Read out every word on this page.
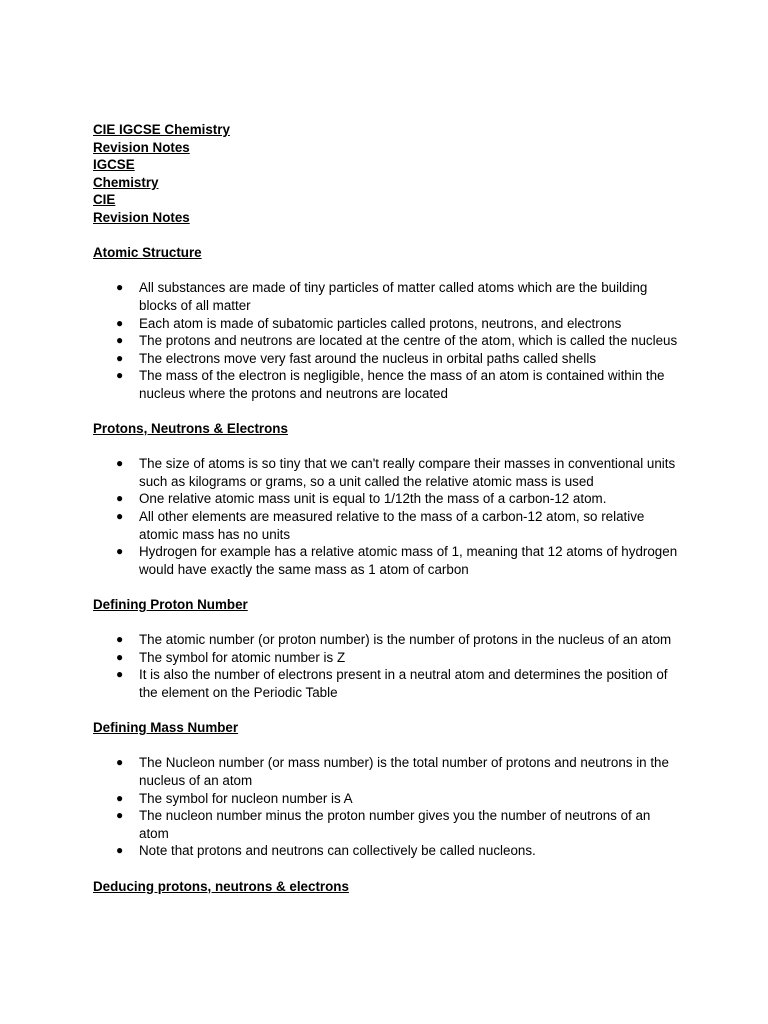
CIE IGCSE Chemistry
Revision Notes
IGCSE
Chemistry
CIE
Revision Notes
Atomic Structure
● All substances are made of tiny particles of matter called atoms which are the building blocks of all matter
● Each atom is made of subatomic particles called protons, neutrons, and electrons
● The protons and neutrons are located at the centre of the atom, which is called the nucleus
● The electrons move very fast around the nucleus in orbital paths called shells
● The mass of the electron is negligible, hence the mass of an atom is contained within the nucleus where the protons and neutrons are located
Protons, Neutrons & Electrons
● The size of atoms is so tiny that we can't really compare their masses in conventional units such as kilograms or grams, so a unit called the relative atomic mass is used
● One relative atomic mass unit is equal to 1/12th the mass of a carbon-12 atom.
● All other elements are measured relative to the mass of a carbon-12 atom, so relative atomic mass has no units
● Hydrogen for example has a relative atomic mass of 1, meaning that 12 atoms of hydrogen would have exactly the same mass as 1 atom of carbon
Defining Proton Number
● The atomic number (or proton number) is the number of protons in the nucleus of an atom
● The symbol for atomic number is Z
● It is also the number of electrons present in a neutral atom and determines the position of the element on the Periodic Table
Defining Mass Number
● The Nucleon number (or mass number) is the total number of protons and neutrons in the nucleus of an atom
● The symbol for nucleon number is A
● The nucleon number minus the proton number gives you the number of neutrons of an atom
● Note that protons and neutrons can collectively be called nucleons.
Deducing protons, neutrons & electrons
